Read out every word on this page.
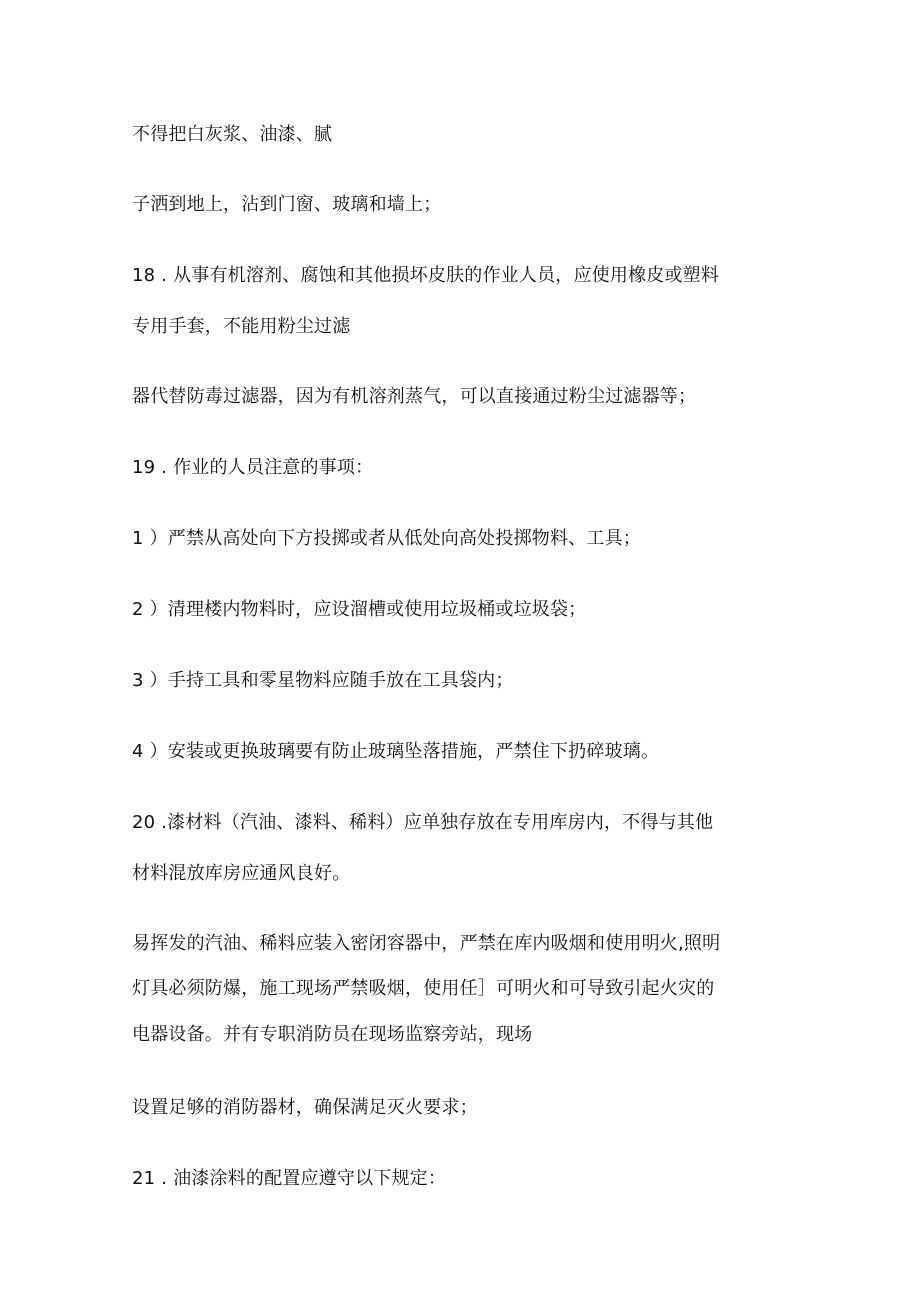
不得把白灰浆、油漆、腻
子洒到地上，沾到门窗、玻璃和墙上；
18 . 从事有机溶剂、腐蚀和其他损坏皮肤的作业人员，应使用橡皮或塑料
专用手套，不能用粉尘过滤
器代替防毒过滤器，因为有机溶剂蒸气，可以直接通过粉尘过滤器等；
19 . 作业的人员注意的事项：
1 ）严禁从高处向下方投掷或者从低处向高处投掷物料、工具；
2 ）清理楼内物料时，应设溜槽或使用垃圾桶或垃圾袋；
3 ）手持工具和零星物料应随手放在工具袋内；
4 ）安装或更换玻璃要有防止玻璃坠落措施，严禁住下扔碎玻璃。
20 .漆材料（汽油、漆料、稀料）应单独存放在专用库房内，不得与其他
材料混放库房应通风良好。
易挥发的汽油、稀料应装入密闭容器中，严禁在库内吸烟和使用明火,照明
灯具必须防爆，施工现场严禁吸烟，使用任］可明火和可导致引起火灾的
电器设备。并有专职消防员在现场监察旁站，现场
设置足够的消防器材，确保满足灭火要求；
21 . 油漆涂料的配置应遵守以下规定：
